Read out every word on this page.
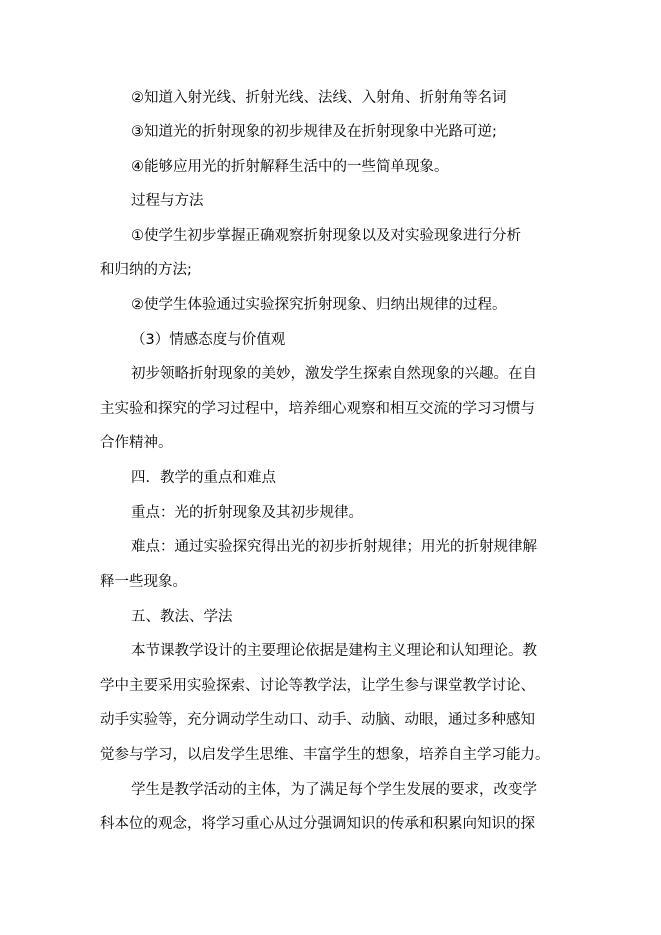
②知道入射光线、折射光线、法线、入射角、折射角等名词
③知道光的折射现象的初步规律及在折射现象中光路可逆;
④能够应用光的折射解释生活中的一些简单现象。
过程与方法
①使学生初步掌握正确观察折射现象以及对实验现象进行分析
和归纳的方法;
②使学生体验通过实验探究折射现象、归纳出规律的过程。
（3）情感态度与价值观
初步领略折射现象的美妙，激发学生探索自然现象的兴趣。在自
主实验和探究的学习过程中，培养细心观察和相互交流的学习习惯与
合作精神。
四．教学的重点和难点
重点：光的折射现象及其初步规律。
难点：通过实验探究得出光的初步折射规律；用光的折射规律解
释一些现象。
五、教法、学法
本节课教学设计的主要理论依据是建构主义理论和认知理论。教
学中主要采用实验探索、讨论等教学法，让学生参与课堂教学讨论、
动手实验等，充分调动学生动口、动手、动脑、动眼，通过多种感知
觉参与学习，以启发学生思维、丰富学生的想象，培养自主学习能力。
学生是教学活动的主体，为了满足每个学生发展的要求，改变学
科本位的观念，将学习重心从过分强调知识的传承和积累向知识的探
